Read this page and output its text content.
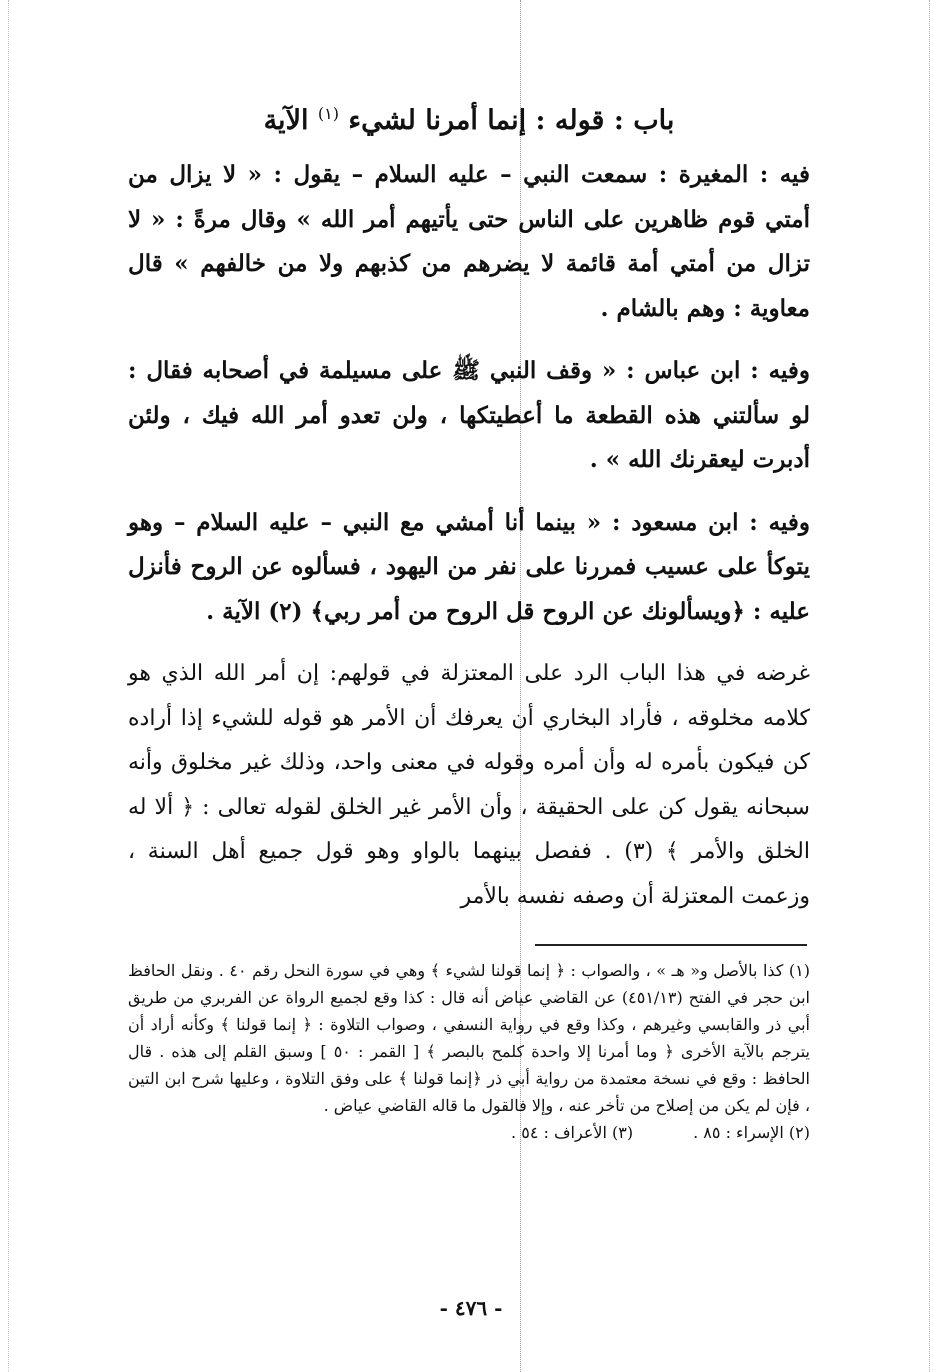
باب : قوله : إنما أمرنا لشيء $^{(١)}$ الآية

فيه : المغيرة : سمعت النبي – عليه السلام – يقول : « لا يزال من أمتي قوم ظاهرين على الناس حتى يأتيهم أمر الله » وقال مرةً : « لا تزال من أمتي أمة قائمة لا يضرهم من كذبهم ولا من خالفهم » قال معاوية : وهم بالشام .

وفيه : ابن عباس : « وقف النبي ﷺ على مسيلمة في أصحابه فقال : لو سألتني هذه القطعة ما أعطيتكها ، ولن تعدو أمر الله فيك ، ولئن أدبرت ليعقرنك الله » .

وفيه : ابن مسعود : « بينما أنا أمشي مع النبي – عليه السلام – وهو يتوكأ على عسيب فمررنا على نفر من اليهود ، فسألوه عن الروح فأنزل عليه : ﴿ويسألونك عن الروح قل الروح من أمر ربي﴾ (٢) الآية .

غرضه في هذا الباب الرد على المعتزلة في قولهم: إن أمر الله الذي هو كلامه مخلوقه ، فأراد البخاري أن يعرفك أن الأمر هو قوله للشيء إذا أراده كن فيكون بأمره له وأن أمره وقوله في معنى واحد، وذلك غير مخلوق وأنه سبحانه يقول كن على الحقيقة ، وأن الأمر غير الخلق لقوله تعالى : ﴿ ألا له الخلق والأمر ﴾ (٣) . ففصل بينهما بالواو وهو قول جميع أهل السنة ، وزعمت المعتزلة أن وصفه نفسه بالأمر

(١) كذا بالأصل و« هـ » ، والصواب : ﴿ إنما قولنا لشيء ﴾ وهي في سورة النحل رقم ٤٠ . ونقل الحافظ ابن حجر في الفتح (٤٥١/١٣) عن القاضي عياض أنه قال : كذا وقع لجميع الرواة عن الفربري من طريق أبي ذر والقابسي وغيرهم ، وكذا وقع في رواية النسفي ، وصواب التلاوة : ﴿ إنما قولنا ﴾ وكأنه أراد أن يترجم بالآية الأخرى ﴿ وما أمرنا إلا واحدة كلمح بالبصر ﴾ [ القمر : ٥٠ ] وسبق القلم إلى هذه . قال الحافظ : وقع في نسخة معتمدة من رواية أبي ذر ﴿إنما قولنا ﴾ على وفق التلاوة ، وعليها شرح ابن التين ، فإن لم يكن من إصلاح من تأخر عنه ، وإلا فالقول ما قاله القاضي عياض .

(٢) الإسراء : ٨٥ .
(٣) الأعراف : ٥٤ .
- ٤٧٦ -
